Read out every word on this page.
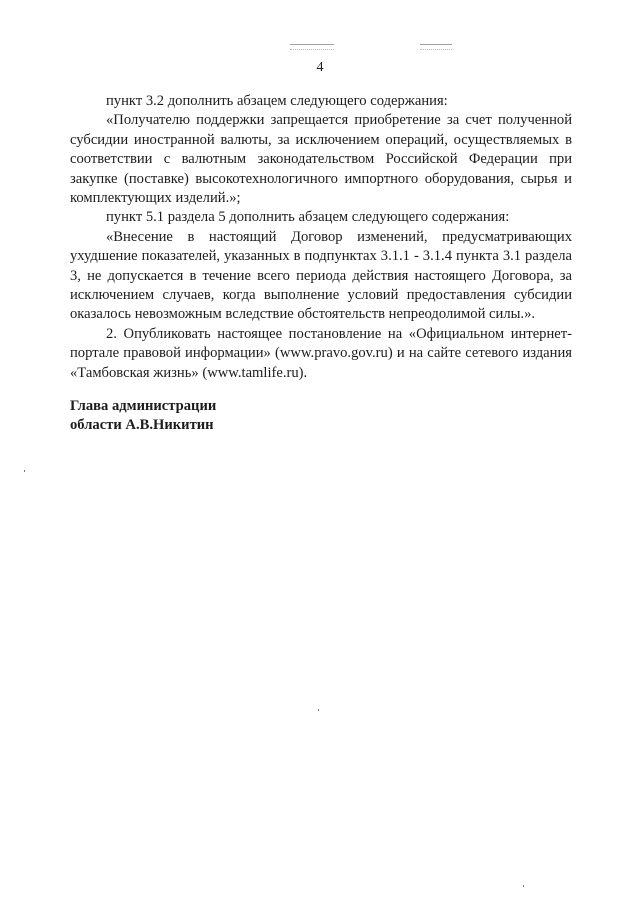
4

пункт 3.2 дополнить абзацем следующего содержания:

«Получателю поддержки запрещается приобретение за счет полученной субсидии иностранной валюты, за исключением операций, осуществляемых в соответствии с валютным законодательством Российской Федерации при закупке (поставке) высокотехнологичного импортного оборудования, сырья и комплектующих изделий.»;

пункт 5.1 раздела 5 дополнить абзацем следующего содержания:

«Внесение в настоящий Договор изменений, предусматривающих ухудшение показателей, указанных в подпунктах 3.1.1 - 3.1.4 пункта 3.1 раздела 3, не допускается в течение всего периода действия настоящего Договора, за исключением случаев, когда выполнение условий предоставления субсидии оказалось невозможным вследствие обстоятельств непреодолимой силы.».

2. Опубликовать настоящее постановление на «Официальном интернет-портале правовой информации» (www.pravo.gov.ru) и на сайте сетевого издания «Тамбовская жизнь» (www.tamlife.ru).

Глава администрации
области А.В.Никитин
